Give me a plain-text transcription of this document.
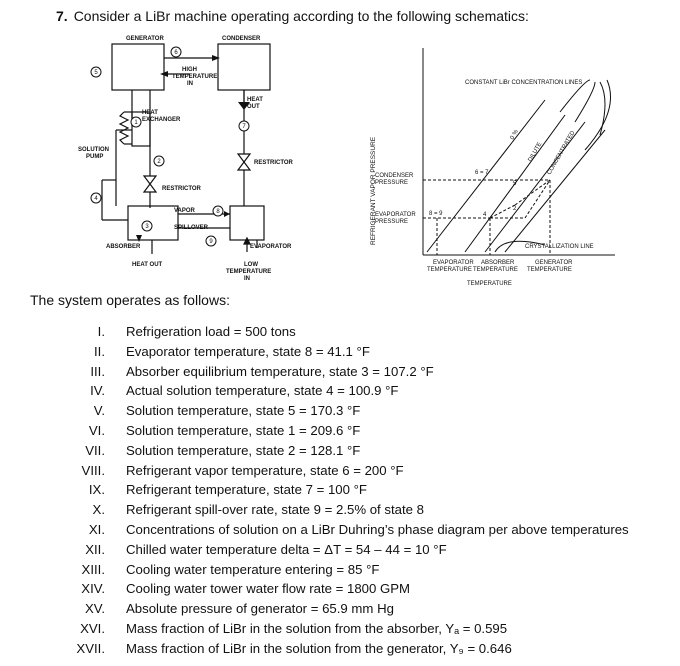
7. Consider a LiBr machine operating according to the following schematics:
6
5
1
2
4
3
8
9
7
GENERATOR	CONDENSER
HIGH
TEMPERATURE
IN
HEAT
OUT
HEAT
EXCHANGER
SOLUTION
PUMP
RESTRICTOR
RESTRICTOR
VAPOR
SPILLOVER
ABSORBER	EVAPORATOR
HEAT OUT	LOW
TEMPERATURE
IN
REFRIGERANT VAPOR PRESSURE
CONSTANT LiBr CONCENTRATION LINES
0 %
DILUTE CONCENTRATED
CONDENSER
PRESSURE
EVAPORATOR
PRESSURE
6 = 7
8 = 9
5
4
2
CRYSTALLIZATION LINE
EVAPORATOR
TEMPERATURE
ABSORBER
TEMPERATURE
GENERATOR
TEMPERATURE
TEMPERATURE
The system operates as follows:
I. Refrigeration load = 500 tons
II. Evaporator temperature, state 8 = 41.1 °F
III. Absorber equilibrium temperature, state 3 = 107.2 °F
IV. Actual solution temperature, state 4 = 100.9 °F
V. Solution temperature, state 5 = 170.3 °F
VI. Solution temperature, state 1 = 209.6 °F
VII. Solution temperature, state 2 = 128.1 °F
VIII. Refrigerant vapor temperature, state 6 = 200 °F
IX. Refrigerant temperature, state 7 = 100 °F
X. Refrigerant spill-over rate, state 9 = 2.5% of state 8
XI. Concentrations of solution on a LiBr Duhring’s phase diagram per above temperatures
XII. Chilled water temperature delta = ΔT = 54 – 44 = 10 °F
XIII. Cooling water temperature entering = 85 °F
XIV. Cooling water tower water flow rate = 1800 GPM
XV. Absolute pressure of generator = 65.9 mm Hg
XVI. Mass fraction of LiBr in the solution from the absorber, Yₐ = 0.595
XVII. Mass fraction of LiBr in the solution from the generator, Y₉ = 0.646
